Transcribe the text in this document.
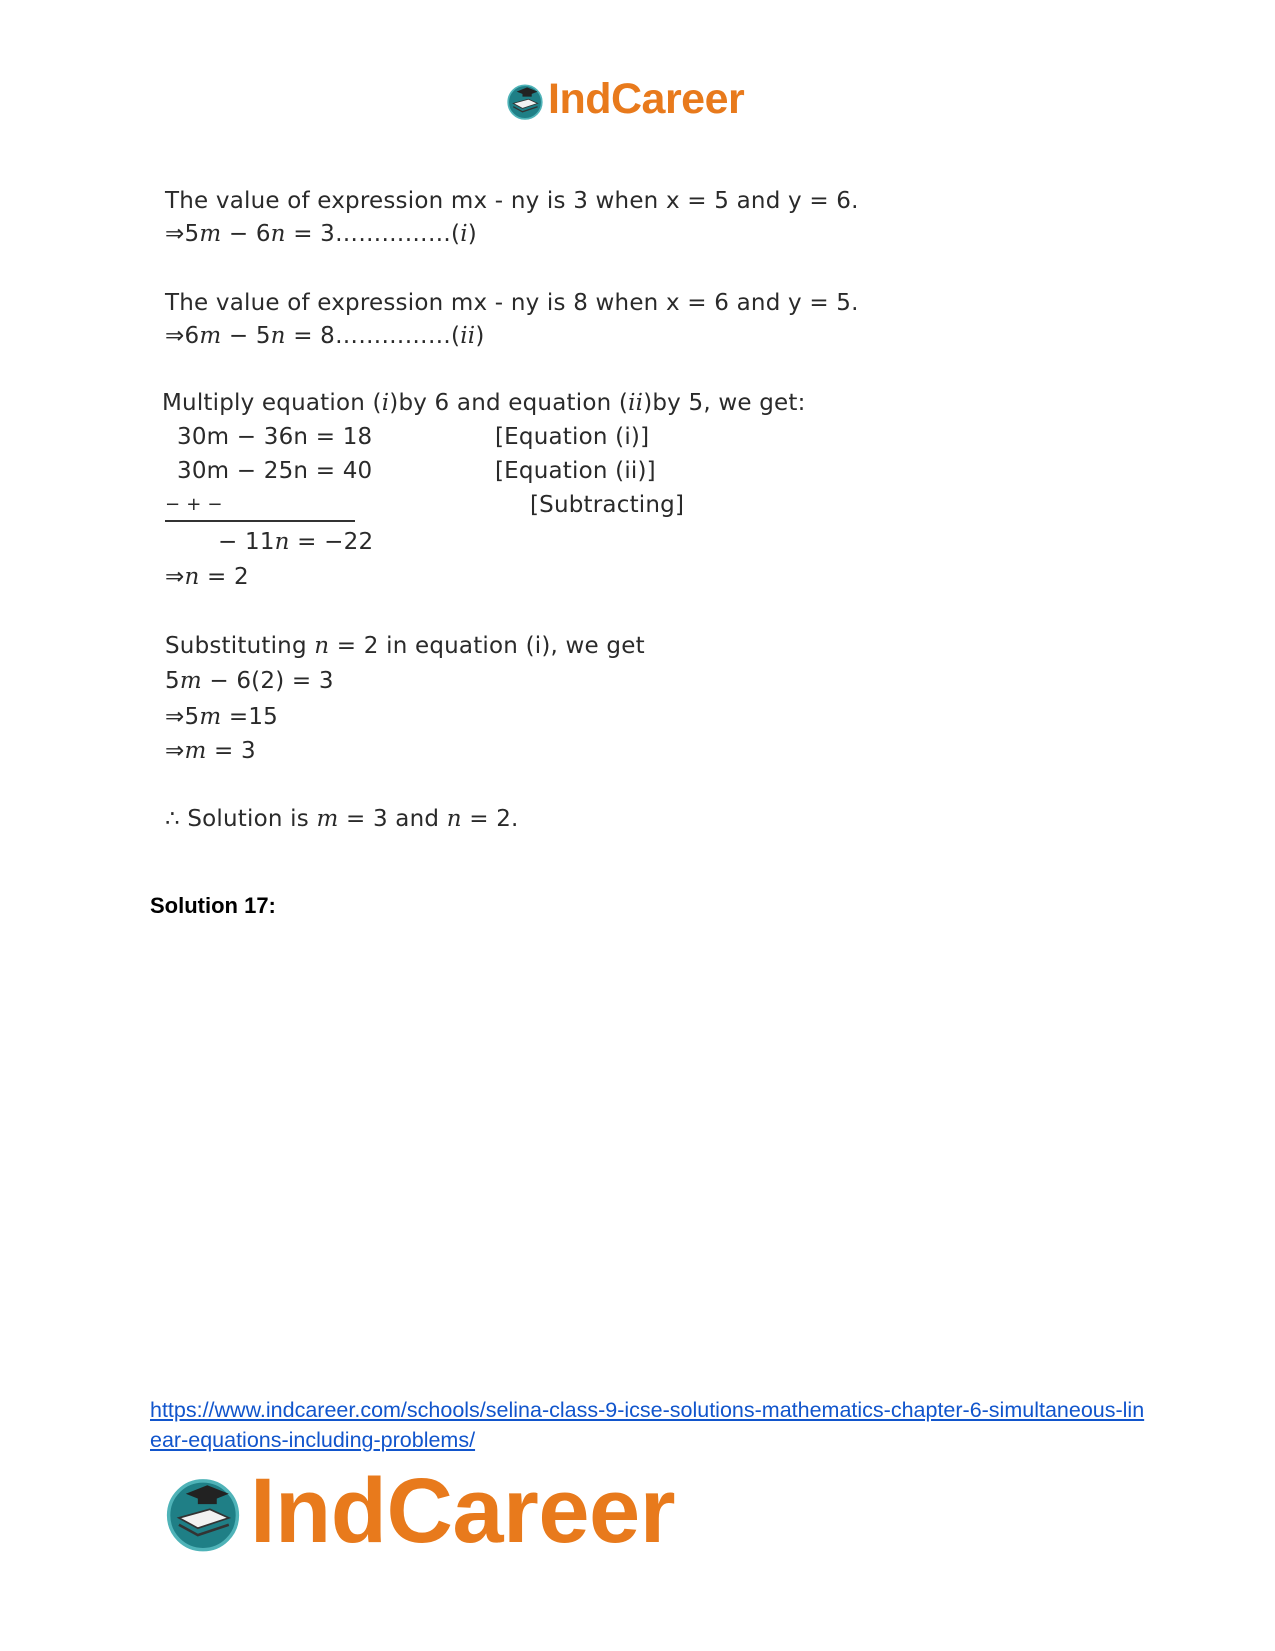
IndCareer
The value of expression mx - ny is 3 when x = 5 and y = 6.
⇒5m − 6n = 3……………(i)
The value of expression mx - ny is 8 when x = 6 and y = 5.
⇒6m − 5n = 8……………(ii)
Multiply equation (i)by 6 and equation (ii)by 5, we get:
30m − 36n = 18	[Equation (i)]
30m − 25n = 40	[Equation (ii)]
− + −	[Subtracting]
− 11n = −22
⇒n = 2
Substituting n = 2 in equation (i), we get
5m − 6(2) = 3
⇒5m =15
⇒m = 3
∴ Solution is m = 3 and n = 2.
Solution 17:
https://www.indcareer.com/schools/selina-class-9-icse-solutions-mathematics-chapter-6-simultaneous-linear-equations-including-problems/
IndCareer
